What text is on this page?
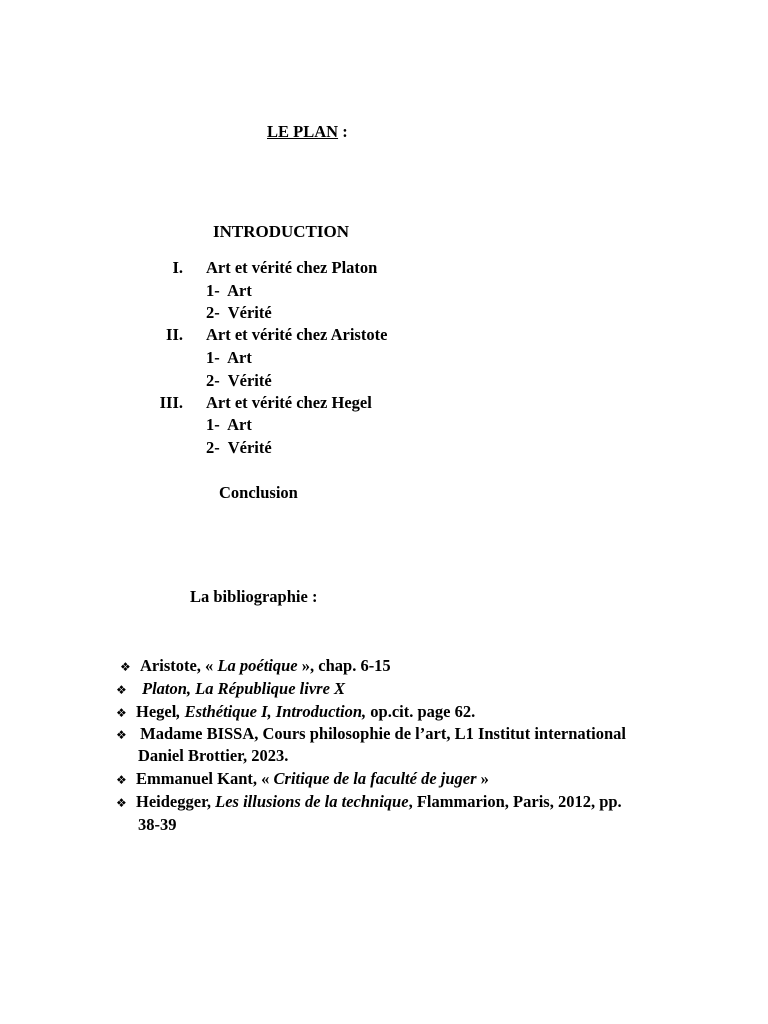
LE PLAN :
INTRODUCTION
I. Art et vérité chez Platon
1- Art
2- Vérité
II. Art et vérité chez Aristote
1- Art
2- Vérité
III. Art et vérité chez Hegel
1- Art
2- Vérité
Conclusion
La bibliographie :
❖ Aristote, « La poétique », chap. 6-15
❖ Platon, La République livre X
❖ Hegel, Esthétique I, Introduction, op.cit. page 62.
❖ Madame BISSA, Cours philosophie de l’art, L1 Institut international
Daniel Brottier, 2023.
❖ Emmanuel Kant, « Critique de la faculté de juger »
❖ Heidegger, Les illusions de la technique, Flammarion, Paris, 2012, pp.
38-39
